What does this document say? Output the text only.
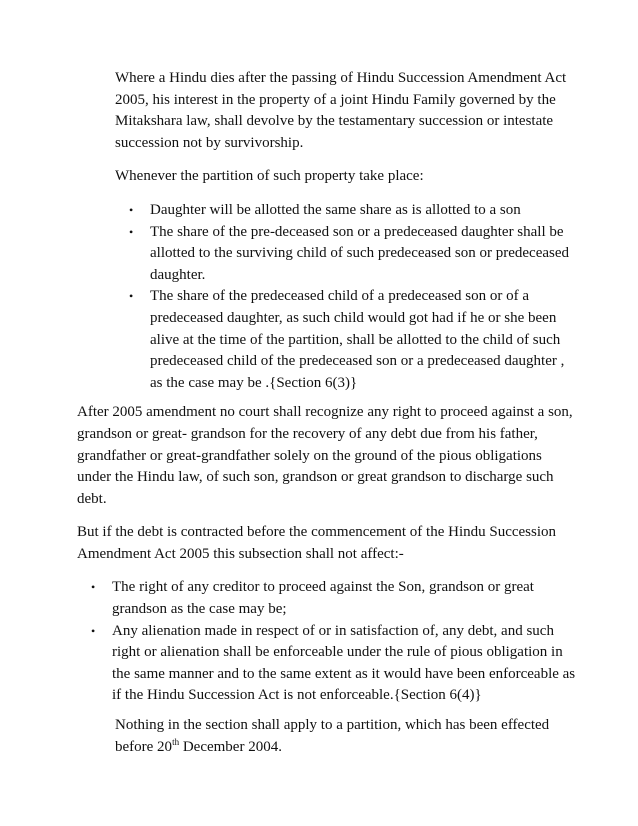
Where a Hindu dies after the passing of Hindu Succession Amendment Act 2005, his interest in the property of a joint Hindu Family governed by the Mitakshara law, shall devolve by the testamentary succession or intestate succession not by survivorship.

Whenever the partition of such property take place:

• Daughter will be allotted the same share as is allotted to a son
• The share of the pre-deceased son or a predeceased daughter shall be allotted to the surviving child of such predeceased son or predeceased daughter.
• The share of the predeceased child of a predeceased son or of a predeceased daughter, as such child would got had if he or she been alive at the time of the partition, shall be allotted to the child of such predeceased child of the predeceased son or a predeceased daughter , as the case may be .{Section 6(3)}

After 2005 amendment no court shall recognize any right to proceed against a son, grandson or great- grandson for the recovery of any debt due from his father, grandfather or great-grandfather solely on the ground of the pious obligations under the Hindu law, of such son, grandson or great grandson to discharge such debt.

But if the debt is contracted before the commencement of the Hindu Succession Amendment Act 2005 this subsection shall not affect:-

• The right of any creditor to proceed against the Son, grandson or great grandson as the case may be;
• Any alienation made in respect of or in satisfaction of, any debt, and such right or alienation shall be enforceable under the rule of pious obligation in the same manner and to the same extent as it would have been enforceable as if the Hindu Succession Act is not enforceable.{Section 6(4)}

Nothing in the section shall apply to a partition, which has been effected before 20th December 2004.
